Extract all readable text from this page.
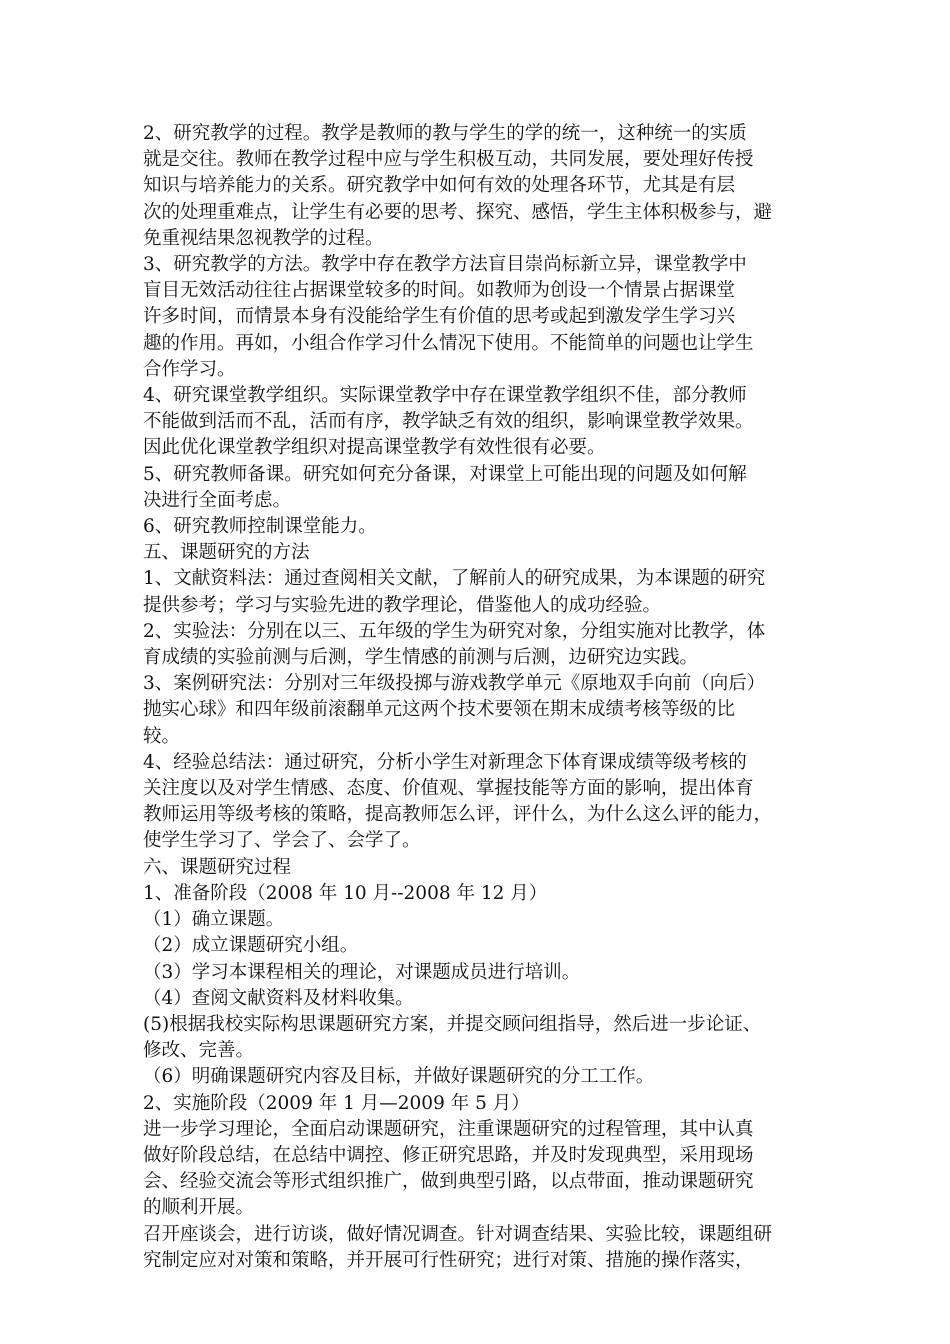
2、研究教学的过程。教学是教师的教与学生的学的统一，这种统一的实质
就是交往。教师在教学过程中应与学生积极互动，共同发展，要处理好传授
知识与培养能力的关系。研究教学中如何有效的处理各环节，尤其是有层
次的处理重难点，让学生有必要的思考、探究、感悟，学生主体积极参与，避
免重视结果忽视教学的过程。

3、研究教学的方法。教学中存在教学方法盲目崇尚标新立异，课堂教学中
盲目无效活动往往占据课堂较多的时间。如教师为创设一个情景占据课堂
许多时间，而情景本身有没能给学生有价值的思考或起到激发学生学习兴
趣的作用。再如，小组合作学习什么情况下使用。不能简单的问题也让学生
合作学习。

4、研究课堂教学组织。实际课堂教学中存在课堂教学组织不佳，部分教师
不能做到活而不乱，活而有序，教学缺乏有效的组织，影响课堂教学效果。
因此优化课堂教学组织对提高课堂教学有效性很有必要。

5、研究教师备课。研究如何充分备课，对课堂上可能出现的问题及如何解
决进行全面考虑。

6、研究教师控制课堂能力。

五、课题研究的方法

1、文献资料法：通过查阅相关文献，了解前人的研究成果，为本课题的研究
提供参考；学习与实验先进的教学理论，借鉴他人的成功经验。

2、实验法：分别在以三、五年级的学生为研究对象，分组实施对比教学，体
育成绩的实验前测与后测，学生情感的前测与后测，边研究边实践。

3、案例研究法：分别对三年级投掷与游戏教学单元《原地双手向前（向后）
抛实心球》和四年级前滚翻单元这两个技术要领在期末成绩考核等级的比
较。

4、经验总结法：通过研究，分析小学生对新理念下体育课成绩等级考核的
关注度以及对学生情感、态度、价值观、掌握技能等方面的影响，提出体育
教师运用等级考核的策略，提高教师怎么评，评什么，为什么这么评的能力，
使学生学习了、学会了、会学了。

六、课题研究过程

1、准备阶段（2008 年 10 月--2008 年 12 月）

（1）确立课题。

（2）成立课题研究小组。

（3）学习本课程相关的理论，对课题成员进行培训。

（4）查阅文献资料及材料收集。

(5)根据我校实际构思课题研究方案，并提交顾问组指导，然后进一步论证、
修改、完善。

（6）明确课题研究内容及目标，并做好课题研究的分工工作。

2、实施阶段（2009 年 1 月—2009 年 5 月）

进一步学习理论，全面启动课题研究，注重课题研究的过程管理，其中认真
做好阶段总结，在总结中调控、修正研究思路，并及时发现典型，采用现场
会、经验交流会等形式组织推广，做到典型引路，以点带面，推动课题研究
的顺利开展。

召开座谈会，进行访谈，做好情况调查。针对调查结果、实验比较，课题组研
究制定应对对策和策略，并开展可行性研究；进行对策、措施的操作落实，
